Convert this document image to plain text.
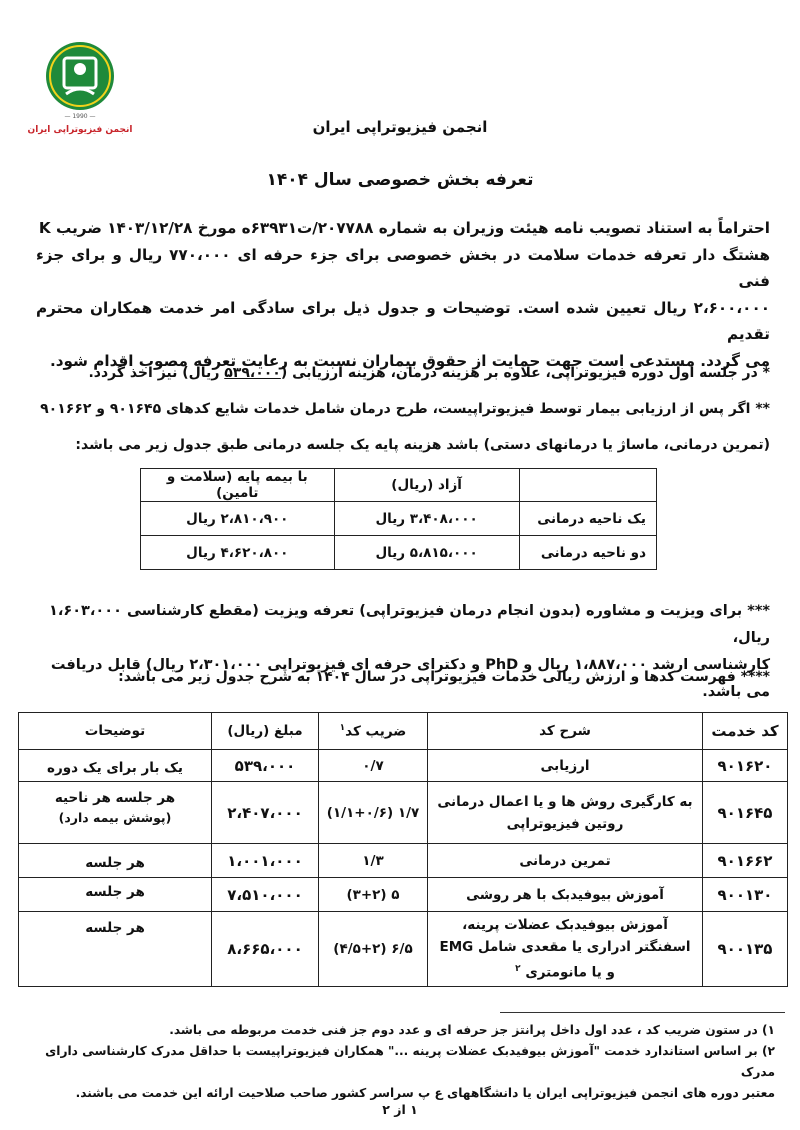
— 1990 —
انجمن فیزیوتراپی ایران	انجمن فیزیوتراپی ایران
تعرفه بخش خصوصی سال ۱۴۰۴

احتراماً به استناد تصویب نامه هیئت وزیران به شماره ۲۰۷۷۸۸/ت۶۳۹۳۱ه مورخ ۱۴۰۳/۱۲/۲۸ ضریب K

هشتگ دار تعرفه خدمات سلامت در بخش خصوصی برای جزء حرفه ای ۷۷۰،۰۰۰ ریال و برای جزء فنی

۲،۶۰۰،۰۰۰ ریال تعیین شده است. توضیحات و جدول ذیل برای سادگی امر خدمت همکاران محترم تقدیم

می گردد. مستدعی است جهت حمایت از حقوق بیماران نسبت به رعایت تعرفه مصوب اقدام شود.

* در جلسه اول دوره فیزیوتراپی، علاوه بر هزینه درمان، هزینه ارزیابی (۵۳۹،۰۰۰ ریال) نیز اخذ گردد.
** اگر پس از ارزیابی بیمار توسط فیزیوتراپیست، طرح درمان شامل خدمات شایع کدهای ۹۰۱۶۴۵ و ۹۰۱۶۶۲
(تمرین درمانی، ماساژ یا درمانهای دستی) باشد هزینه پایه یک جلسه درمانی طبق جدول زیر می باشد:
	آزاد (ریال)	با بیمه پایه (سلامت و تامین)
یک ناحیه درمانی	۳،۴۰۸،۰۰۰ ریال	۲،۸۱۰،۹۰۰ ریال
دو ناحیه درمانی	۵،۸۱۵،۰۰۰ ریال	۴،۶۲۰،۸۰۰ ریال
*** برای ویزیت و مشاوره (بدون انجام درمان فیزیوتراپی) تعرفه ویزیت (مقطع کارشناسی ۱،۶۰۳،۰۰۰ ریال،
کارشناسی ارشد ۱،۸۸۷،۰۰۰ ریال و PhD و دکترای حرفه ای فیزیوتراپی ۲،۳۰۱،۰۰۰ ریال) قابل دریافت می باشد.
**** فهرست کدها و ارزش ریالی خدمات فیزیوتراپی در سال ۱۴۰۴ به شرح جدول زیر می باشد:
کد خدمت	شرح کد	ضریب کد$^۱$	مبلغ (ریال)	توضیحات
۹۰۱۶۲۰	ارزیابی	۰/۷	۵۳۹،۰۰۰	یک بار برای یک دوره
۹۰۱۶۴۵	به کارگیری روش ها و یا اعمال درمانی روتین فیزیوتراپی	۱/۷ (۱/۱+۰/۶)	۲،۴۰۷،۰۰۰	هر جلسه هر ناحیه
(پوشش بیمه دارد)

۹۰۱۶۶۲	تمرین درمانی	۱/۳	۱،۰۰۱،۰۰۰	هر جلسه
۹۰۰۱۳۰	آموزش بیوفیدبک با هر روشی	۵ (۳+۲)	۷،۵۱۰،۰۰۰	هر جلسه
۹۰۰۱۳۵	آموزش بیوفیدبک عضلات پرینه، اسفنگتر ادراری یا مقعدی شامل EMG و یا مانومتری $^۲$	۶/۵ (۴/۵+۲)	۸،۶۶۵،۰۰۰	هر جلسه

۱) در ستون ضریب کد ، عدد اول داخل پرانتز جز حرفه ای و عدد دوم جز فنی خدمت مربوطه می باشد.

۲) بر اساس استاندارد خدمت "آموزش بیوفیدبک عضلات پرینه ..." همکاران فیزیوتراپیست با حداقل مدرک کارشناسی دارای مدرک

معتبر دوره های انجمن فیزیوتراپی ایران یا دانشگاههای ع پ سراسر کشور صاحب صلاحیت ارائه این خدمت می باشند.

۱ از ۲
